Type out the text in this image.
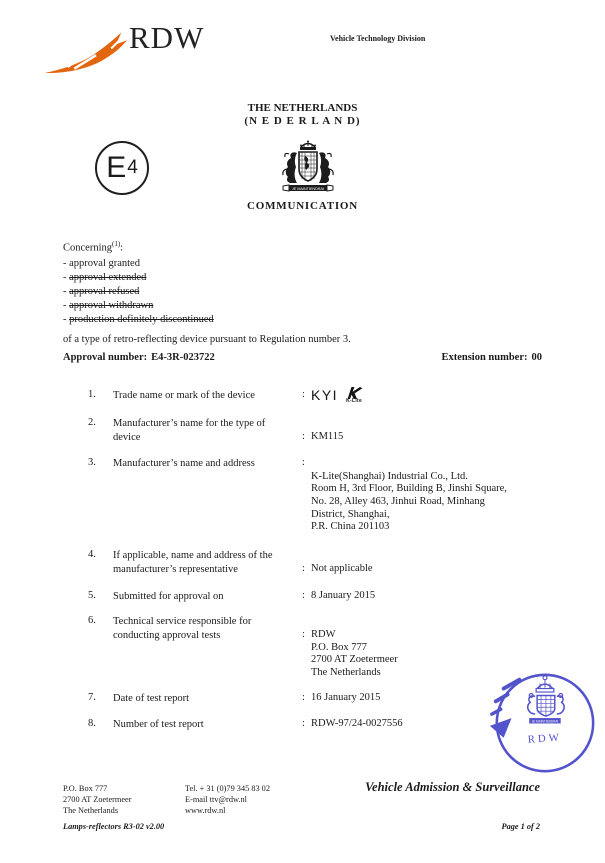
RDW	Vehicle Technology Division
THE NETHERLANDS
(N E D E R L A N D)
E 4
JE MAINTIENDRAI
COMMUNICATION
Concerning$^{(1)}$:
- approval granted
- approval extended
- approval refused
- approval withdrawn
- production definitely discontinued
of a type of retro-reflecting device pursuant to Regulation number 3.
Approval number: E4-3R-023722	Extension number: 00
1.	Trade name or mark of the device	: KYI K-Lite
2.	Manufacturer’s name for the type of
device	: KM115
3.	Manufacturer’s name and address	:
K-Lite(Shanghai) Industrial Co., Ltd.
Room H, 3rd Floor, Building B, Jinshi Square,
No. 28, Alley 463, Jinhui Road, Minhang
District, Shanghai,
P.R. China 201103
4.	If applicable, name and address of the
manufacturer’s representative	: Not applicable
5.	Submitted for approval on	: 8 January 2015
6.	Technical service responsible for
conducting approval tests	: RDW
P.O. Box 777
2700 AT Zoetermeer
The Netherlands
7.	Date of test report	: 16 January 2015
8.	Number of test report	: RDW-97/24-0027556	JE MAINTIENDRAI
RDW
P.O. Box 777
2700 AT Zoetermeer
The Netherlands
Tel. + 31 (0)79 345 83 02
E-mail ttv@rdw.nl
www.rdw.nl
Vehicle Admission & Surveillance
Lamps-reflectors R3-02 v2.00	Page 1 of 2
